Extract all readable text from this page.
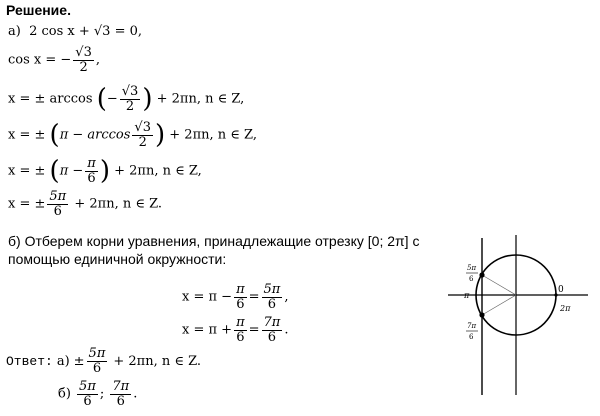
Решение.
а) 2 cos x + √3 = 0,
cos x = − $\frac{√3}{2}$ ,
x = ± arccos (− $\frac{√3}{2}$ ) + 2πn, n ∈ Z,
x = ± ($\pi - \arccos \frac{√3}{2}$ ) + 2πn, n ∈ Z,
x = ± ($\pi - \frac{\pi}{6}$ ) + 2πn, n ∈ Z,
x = ± $\frac{5\pi}{6} + 2\pi n$, n ∈ Z.
б) Отберем корни уравнения, принадлежащие отрезку [0; 2π] с
помощью единичной окружности:
$x = \pi - \frac{\pi}{6} = \frac{5\pi}{6}$ ,
$x = \pi + \frac{\pi}{6} = \frac{7\pi}{6}$ .
Ответ: $а) \pm \frac{5\pi}{6} + 2\pi n$, n ∈ Z.
$б) \frac{5\pi}{6}$ ; $\frac{7\pi}{6}$ .
0
2π
π
5π
6
7π
6
